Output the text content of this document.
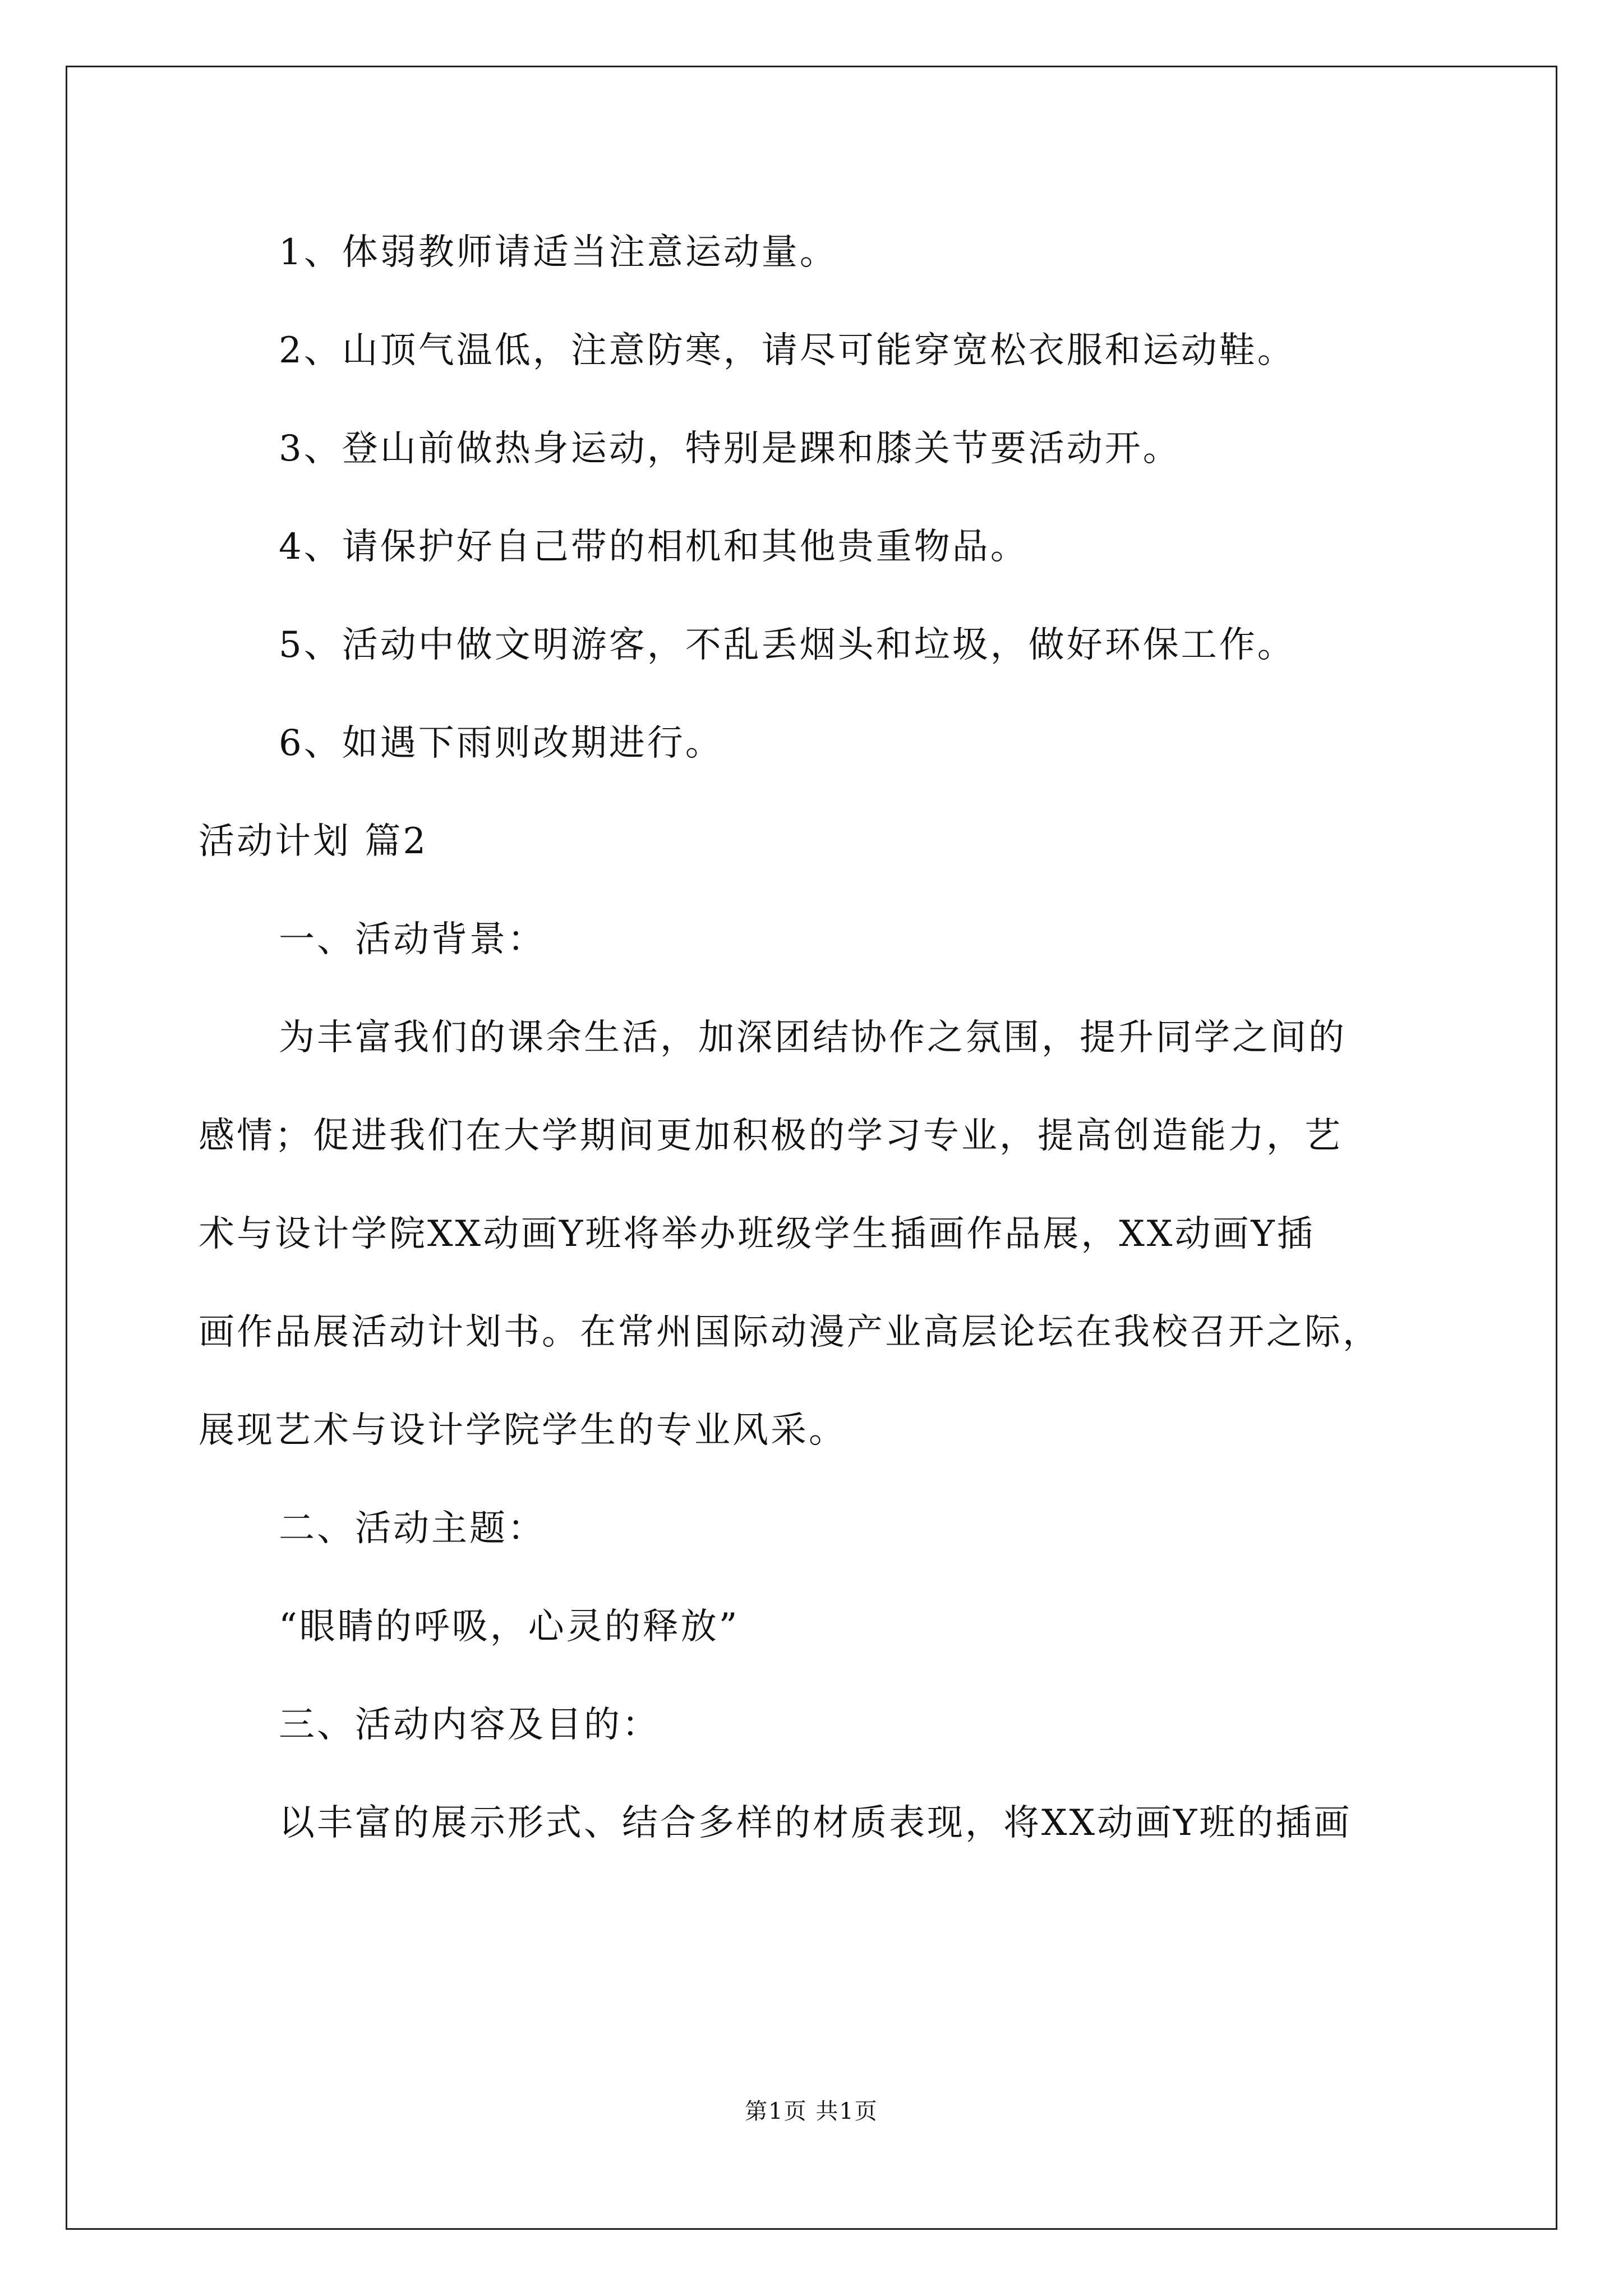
1、体弱教师请适当注意运动量。
2、山顶气温低，注意防寒，请尽可能穿宽松衣服和运动鞋。
3、登山前做热身运动，特别是踝和膝关节要活动开。
4、请保护好自己带的相机和其他贵重物品。
5、活动中做文明游客，不乱丢烟头和垃圾，做好环保工作。
6、如遇下雨则改期进行。
活动计划 篇2
一、活动背景：
为丰富我们的课余生活，加深团结协作之氛围，提升同学之间的
感情；促进我们在大学期间更加积极的学习专业，提高创造能力，艺
术与设计学院XX动画Y班将举办班级学生插画作品展，XX动画Y插
画作品展活动计划书。在常州国际动漫产业高层论坛在我校召开之际，
展现艺术与设计学院学生的专业风采。
二、活动主题：
“眼睛的呼吸，心灵的释放”
三、活动内容及目的：
以丰富的展示形式、结合多样的材质表现，将XX动画Y班的插画
第1页 共1页
